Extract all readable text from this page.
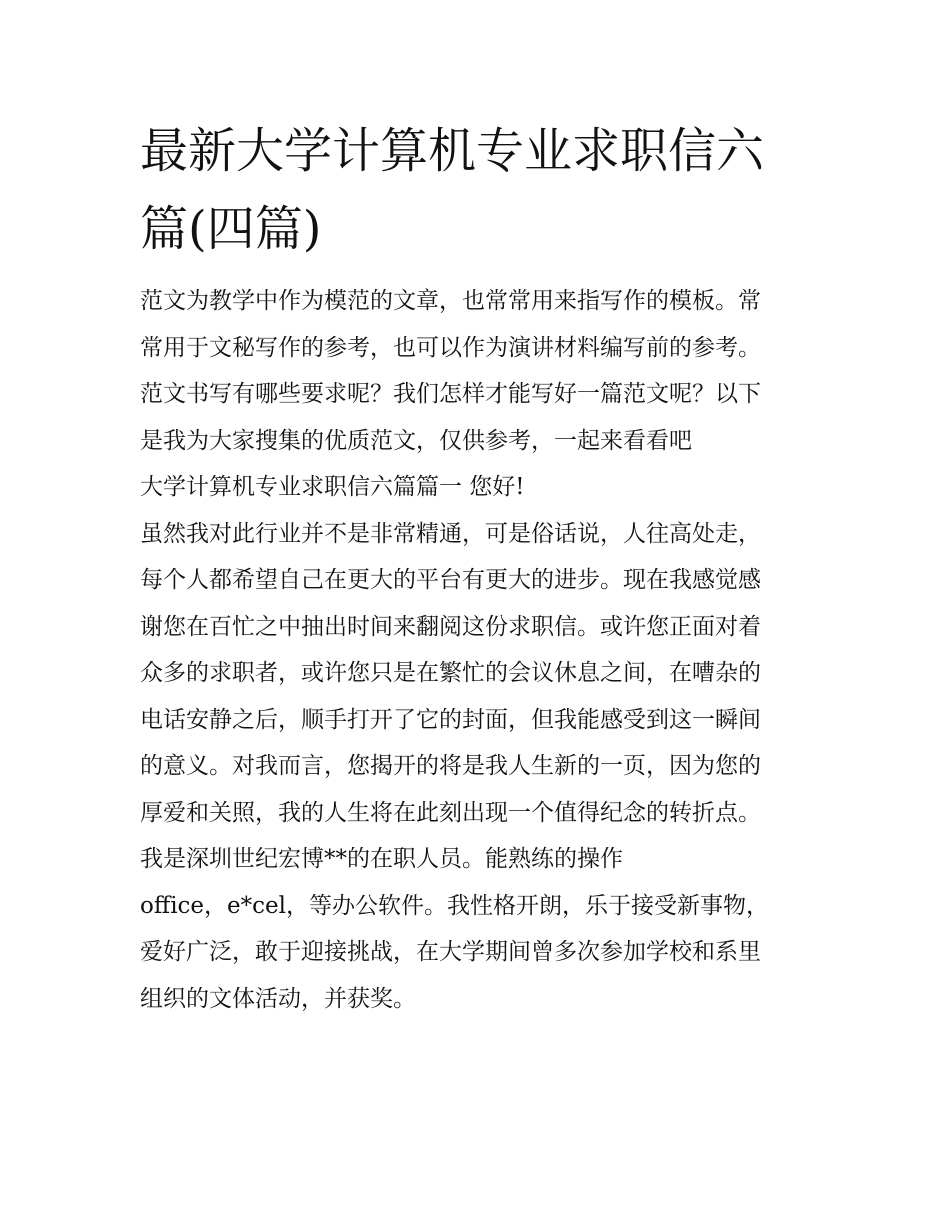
最新大学计算机专业求职信六
篇(四篇)
范文为教学中作为模范的文章，也常常用来指写作的模板。常
常用于文秘写作的参考，也可以作为演讲材料编写前的参考。
范文书写有哪些要求呢？我们怎样才能写好一篇范文呢？以下
是我为大家搜集的优质范文，仅供参考，一起来看看吧
大学计算机专业求职信六篇篇一 您好!
虽然我对此行业并不是非常精通，可是俗话说，人往高处走，
每个人都希望自己在更大的平台有更大的进步。现在我感觉感
谢您在百忙之中抽出时间来翻阅这份求职信。或许您正面对着
众多的求职者，或许您只是在繁忙的会议休息之间，在嘈杂的
电话安静之后，顺手打开了它的封面，但我能感受到这一瞬间
的意义。对我而言，您揭开的将是我人生新的一页，因为您的
厚爱和关照，我的人生将在此刻出现一个值得纪念的转折点。
我是深圳世纪宏博**的在职人员。能熟练的操作
office，e*cel，等办公软件。我性格开朗，乐于接受新事物，
爱好广泛，敢于迎接挑战，在大学期间曾多次参加学校和系里
组织的文体活动，并获奖。
